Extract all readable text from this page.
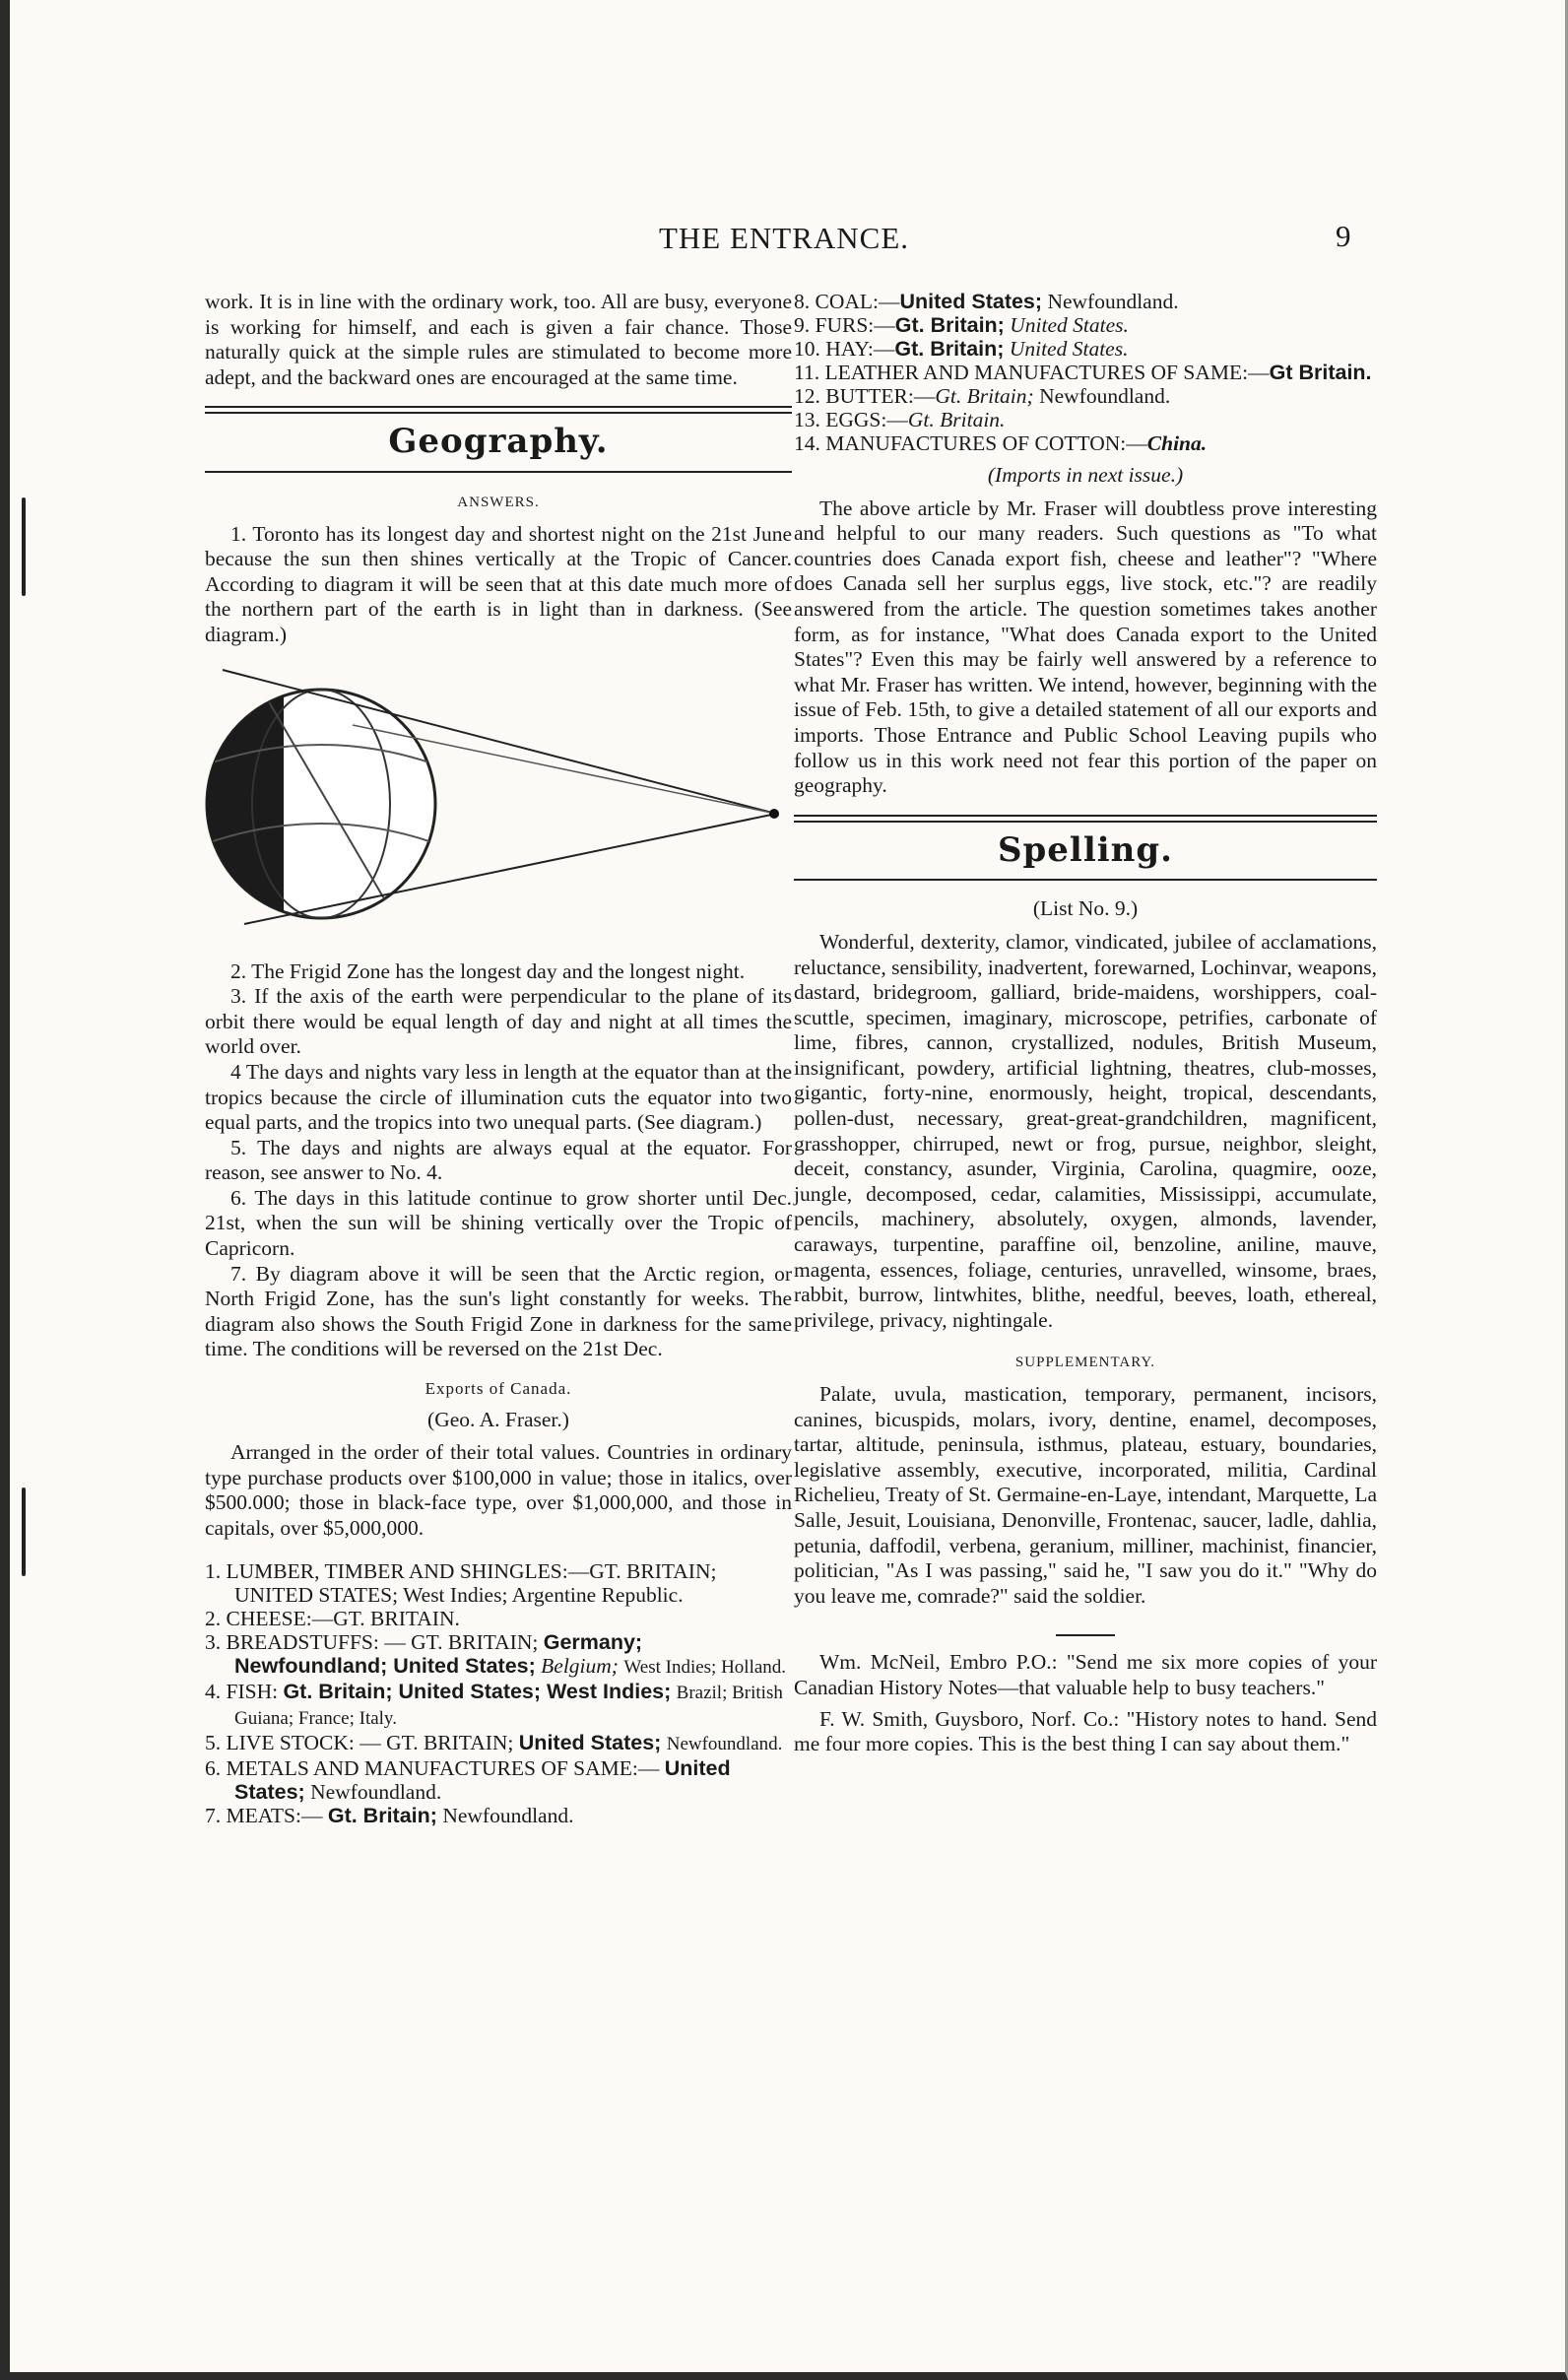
THE ENTRANCE.	9

work. It is in line with the ordinary work, too. All are busy, everyone is working for himself, and each is given a fair chance. Those naturally quick at the simple rules are stimulated to become more adept, and the backward ones are encouraged at the same time.

Geography.
ANSWERS.

1. Toronto has its longest day and shortest night on the 21st June because the sun then shines vertically at the Tropic of Cancer. According to diagram it will be seen that at this date much more of the northern part of the earth is in light than in darkness. (See diagram.)

2. The Frigid Zone has the longest day and the longest night.

3. If the axis of the earth were perpendicular to the plane of its orbit there would be equal length of day and night at all times the world over.

4 The days and nights vary less in length at the equator than at the tropics because the circle of illumination cuts the equator into two equal parts, and the tropics into two unequal parts. (See diagram.)

5. The days and nights are always equal at the equator. For reason, see answer to No. 4.

6. The days in this latitude continue to grow shorter until Dec. 21st, when the sun will be shining vertically over the Tropic of Capricorn.

7. By diagram above it will be seen that the Arctic region, or North Frigid Zone, has the sun's light constantly for weeks. The diagram also shows the South Frigid Zone in darkness for the same time. The conditions will be reversed on the 21st Dec.

Exports of Canada.

(Geo. A. Fraser.)

Arranged in the order of their total values. Countries in ordinary type purchase products over $100,000 in value; those in italics, over $500.000; those in black-face type, over $1,000,000, and those in capitals, over $5,000,000.

1. LUMBER, TIMBER AND SHINGLES:—GT. BRITAIN; UNITED STATES; West Indies; Argentine Republic.

2. CHEESE:—GT. BRITAIN.

3. BREADSTUFFS: — GT. BRITAIN; Germany; Newfoundland; United States; Belgium; West Indies; Holland.

4. FISH: Gt. Britain; United States; West Indies; Brazil; British Guiana; France; Italy.

5. LIVE STOCK: — GT. BRITAIN; United States; Newfoundland.

6. METALS AND MANUFACTURES OF SAME:— United States; Newfoundland.

7. MEATS:— Gt. Britain; Newfoundland.

8. COAL:—United States; Newfoundland.

9. FURS:—Gt. Britain; United States.

10. HAY:—Gt. Britain; United States.

11. LEATHER AND MANUFACTURES OF SAME:—Gt Britain.

12. BUTTER:—Gt. Britain; Newfoundland.

13. EGGS:—Gt. Britain.

14. MANUFACTURES OF COTTON:—China.

(Imports in next issue.)

The above article by Mr. Fraser will doubtless prove interesting and helpful to our many readers. Such questions as "To what countries does Canada export fish, cheese and leather"? "Where does Canada sell her surplus eggs, live stock, etc."? are readily answered from the article. The question sometimes takes another form, as for instance, "What does Canada export to the United States"? Even this may be fairly well answered by a reference to what Mr. Fraser has written. We intend, however, beginning with the issue of Feb. 15th, to give a detailed statement of all our exports and imports. Those Entrance and Public School Leaving pupils who follow us in this work need not fear this portion of the paper on geography.

Spelling.

(List No. 9.)

Wonderful, dexterity, clamor, vindicated, jubilee of acclamations, reluctance, sensibility, inadvertent, forewarned, Lochinvar, weapons, dastard, bridegroom, galliard, bride-maidens, worshippers, coal-scuttle, specimen, imaginary, microscope, petrifies, carbonate of lime, fibres, cannon, crystallized, nodules, British Museum, insignificant, powdery, artificial lightning, theatres, club-mosses, gigantic, forty-nine, enormously, height, tropical, descendants, pollen-dust, necessary, great-great-grandchildren, magnificent, grasshopper, chirruped, newt or frog, pursue, neighbor, sleight, deceit, constancy, asunder, Virginia, Carolina, quagmire, ooze, jungle, decomposed, cedar, calamities, Mississippi, accumulate, pencils, machinery, absolutely, oxygen, almonds, lavender, caraways, turpentine, paraffine oil, benzoline, aniline, mauve, magenta, essences, foliage, centuries, unravelled, winsome, braes, rabbit, burrow, lintwhites, blithe, needful, beeves, loath, ethereal, privilege, privacy, nightingale.

SUPPLEMENTARY.

Palate, uvula, mastication, temporary, permanent, incisors, canines, bicuspids, molars, ivory, dentine, enamel, decomposes, tartar, altitude, peninsula, isthmus, plateau, estuary, boundaries, legislative assembly, executive, incorporated, militia, Cardinal Richelieu, Treaty of St. Germaine-en-Laye, intendant, Marquette, La Salle, Jesuit, Louisiana, Denonville, Frontenac, saucer, ladle, dahlia, petunia, daffodil, verbena, geranium, milliner, machinist, financier, politician, "As I was passing," said he, "I saw you do it." "Why do you leave me, comrade?" said the soldier.

Wm. McNeil, Embro P.O.: "Send me six more copies of your Canadian History Notes—that valuable help to busy teachers."

F. W. Smith, Guysboro, Norf. Co.: "History notes to hand. Send me four more copies. This is the best thing I can say about them."
